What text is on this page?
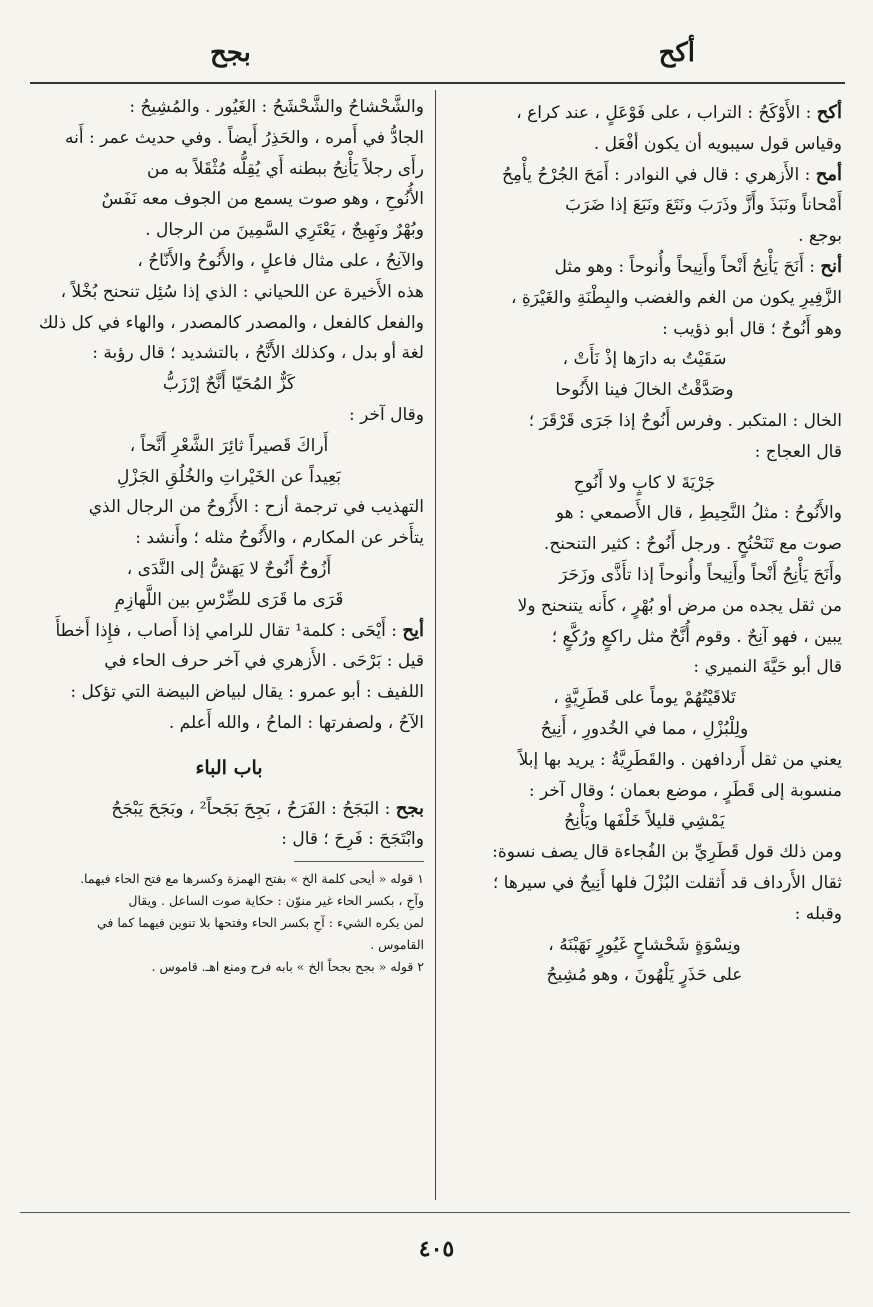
أكح
بجح

أكح : الأَوْكَحُ : التراب ، على فَوْعَلٍ ، عند كراع ،

وقياس قول سيبويه أن يكون أفْعَل .

أمح : الأَزهري : قال في النوادر : أَمَحَ الجُرْحُ يأْمِحُ

أَمْحاناً ونَبَذَ وأَزَّ وذَرَبَ ونَتَعَ ونَبَعَ إذا ضَرَبَ

بوجع .

أنح : أَنَحَ يَأْنِحُ أَنْحاً وأَنِيحاً وأُنوحاً : وهو مثل

الزَّفِيرِ يكون من الغم والغضب والبِطْنَةِ والغَيْرَةِ ،

وهو أَنُوحٌ ؛ قال أبو ذؤيب :

سَقَيْتُ به دارَها إذْ نَأَتْ ،

وصَدَّقْتُ الخالَ فينا الأَنُوحا

الخال : المتكبر . وفرس أَنُوحٌ إذا جَرَى قَرْقَرَ ؛

قال العجاج :

جَرْيَةَ لا كابٍ ولا أَنُوحِ

والأَنُوحُ : مثلُ النَّحِيطِ ، قال الأَصمعي : هو

صوت مع تَنَحْنُحٍ . ورجل أَنُوحٌ : كثير التنحنح.

وأَنَحَ يَأْنِحُ أَنْحاً وأَنِيحاً وأُنوحاً إذا تأَذَّى وزَحَرَ

من ثقل يجده من مرض أو بُهْرٍ ، كأَنه يتنحنح ولا

يبين ، فهو آنِحٌ . وقوم أُنَّحٌ مثل راكعٍ ورُكَّعٍ ؛

قال أبو حَيَّةَ النميري :

تَلاقَيْتُهُمْ يوماً على قَطَرِيَّةٍ ،

ولِلْبُزْلِ ، مما في الخُدورِ ، أَنِيحُ

يعني من ثقل أَردافهن . والقَطَرِيَّةُ : يريد بها إبلاً

منسوبة إلى قَطَرٍ ، موضع بعمان ؛ وقال آخر :

يَمْشِي قليلاً خَلْفَها ويَأْنِحُ

ومن ذلك قول قَطَرِيِّ بن الفُجاءة قال يصف نسوة:

ثقال الأَرداف قد أَثقلت البُزْلَ فلها أَنِيحٌ في سيرها ؛

وقبله :

ونِسْوَةٍ شَحْشاحٍ غَيُورٍ نَهَبْنَهُ ،

على حَذَرٍ يَلْهُونَ ، وهو مُشِيحُ

والشَّحْشاحُ والشَّحْشَحُ : الغَيُور . والمُشِيحُ :

الجادُّ في أَمره ، والحَذِرُ أَيضاً . وفي حديث عمر : أَنه

رأَى رجلاً يَأْنِحُ ببطنه أَي يُقِلُّه مُثْقَلاً به من

الأُنُوحِ ، وهو صوت يسمع من الجوف معه نَفَسٌ

وبُهْرٌ ونَهِيجٌ ، يَعْتَرِي السَّمِينَ من الرجال .

والآنِحُ ، على مثال فاعلٍ ، والأَنُوحُ والأَنّاحُ ،

هذه الأَخيرة عن اللحياني : الذي إذا سُئِل تنحنح بُخْلاً ،

والفعل كالفعل ، والمصدر كالمصدر ، والهاء في كل ذلك

لغة أو بدل ، وكذلك الأَنَّحُ ، بالتشديد ؛ قال رؤبة :

كَزٌّ المُحَيّا أَنَّحٌ إرْزَبُّ

وقال آخر :

أَراكَ قَصيراً ثائِرَ الشَّعْرِ أَنَّحاً ،

بَعِيداً عن الخَيْراتِ والخُلُقِ الجَزْلِ

التهذيب في ترجمة أزح : الأَزُوحُ من الرجال الذي

يتأَخر عن المكارم ، والأَنُوحُ مثله ؛ وأَنشد :

أَزُوحٌ أَنُوحٌ لا يَهَشُّ إلى النَّدَى ،

قَرَى ما قَرَى للضِّرْسِ بين اللَّهازِمِ

أيح : أَيْحَى : كلمة¹ تقال للرامي إذا أَصاب ، فإِذا أَخطأَ

قيل : بَرْحَى . الأَزهري في آخر حرف الحاء في

اللفيف : أبو عمرو : يقال لبياض البيضة التي تؤكل :

الآحُ ، ولصفرتها : الماحُ ، والله أَعلم .

باب الباء

بجح : البَجَحُ : الفَرَحُ ، بَجِحَ بَجَحاً² ، وبَجَحَ يَبْجَحُ

وابْتَجَحَ : فَرِحَ ؛ قال :

١ قوله « أيحى كلمة الخ » بفتح الهمزة وكسرها مع فتح الحاء فيهما.

وآحِ ، بكسر الحاء غير منوّن : حكاية صوت الساعل . ويقال

لمن يكره الشيء : آحِ بكسر الحاء وفتحها بلا تنوين فيهما كما في

القاموس .

٢ قوله « بجح بجحاً الخ » بابه فرح ومنع اهـ. قاموس .

٤٠٥
